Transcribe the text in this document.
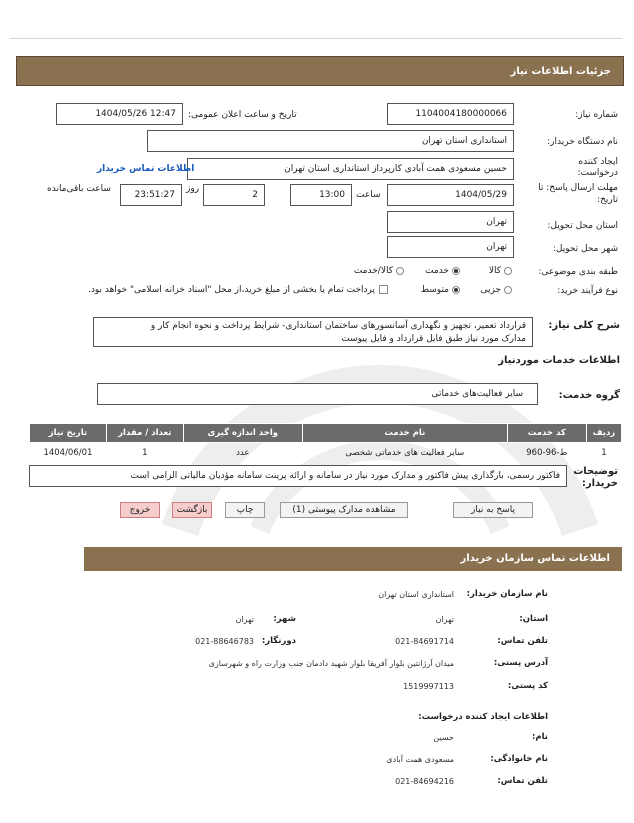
جزئیات اطلاعات نیاز
شماره نیاز:
1104004180000066
تاریخ و ساعت اعلان عمومی:
1404/05/26 12:47
نام دستگاه خریدار:
استانداری استان تهران
ایجاد کننده
درخواست:
حسین مسعودی همت آبادی کارپرداز استانداری استان تهران
اطلاعات تماس خریدار
مهلت ارسال پاسخ: تا
تاریخ:
1404/05/29
ساعت
13:00
2
روز
23:51:27
ساعت باقی‌مانده
استان محل تحویل:
تهران
شهر محل تحویل:
تهران
طبقه بندی موضوعی:
کالا
خدمت
کالا/خدمت
نوع فرآیند خرید:
جزیی
متوسط
پرداخت تمام یا بخشی از مبلغ خرید،از محل "اسناد خزانه اسلامی" خواهد بود.
شرح کلی نیاز:
قرارداد تعمیر، تجهیز و نگهداری آسانسورهای ساختمان استانداری- شرایط پرداخت و نحوه انجام کار و
مدارک مورد نیاز طبق فایل قرارداد و فایل پیوست
اطلاعات خدمات موردنیاز
گروه خدمت:
سایر فعالیت‌های خدماتی
ردیف	کد خدمت	نام خدمت	واحد اندازه گیری	تعداد / مقدار	تاریخ نیاز
1	ط-96-960	سایر فعالیت های خدماتی شخصی	عدد	1	1404/06/01
توضیحات
خریدار:
فاکتور رسمی، بارگذاری پیش فاکتور و مدارک مورد نیاز در سامانه و ارائه پرینت سامانه مؤدیان مالیاتی الزامی است
پاسخ به نیاز
مشاهده مدارک پیوستی (1)
چاپ
بازگشت
خروج
اطلاعات تماس سازمان خریدار
نام سازمان خریدار:
استانداری استان تهران
استان:
تهران
شهر:
تهران
تلفن تماس:
021-84691714
دورنگار:
021-88646783
آدرس پستی:
میدان آرژانتین بلوار آفریقا بلوار شهید دادمان جنب وزارت راه و شهرسازی
کد پستی:
1519997113
اطلاعات ایجاد کننده درخواست:
نام:
حسین
نام خانوادگی:
مسعودی همت آبادی
تلفن تماس:
021-84694216
